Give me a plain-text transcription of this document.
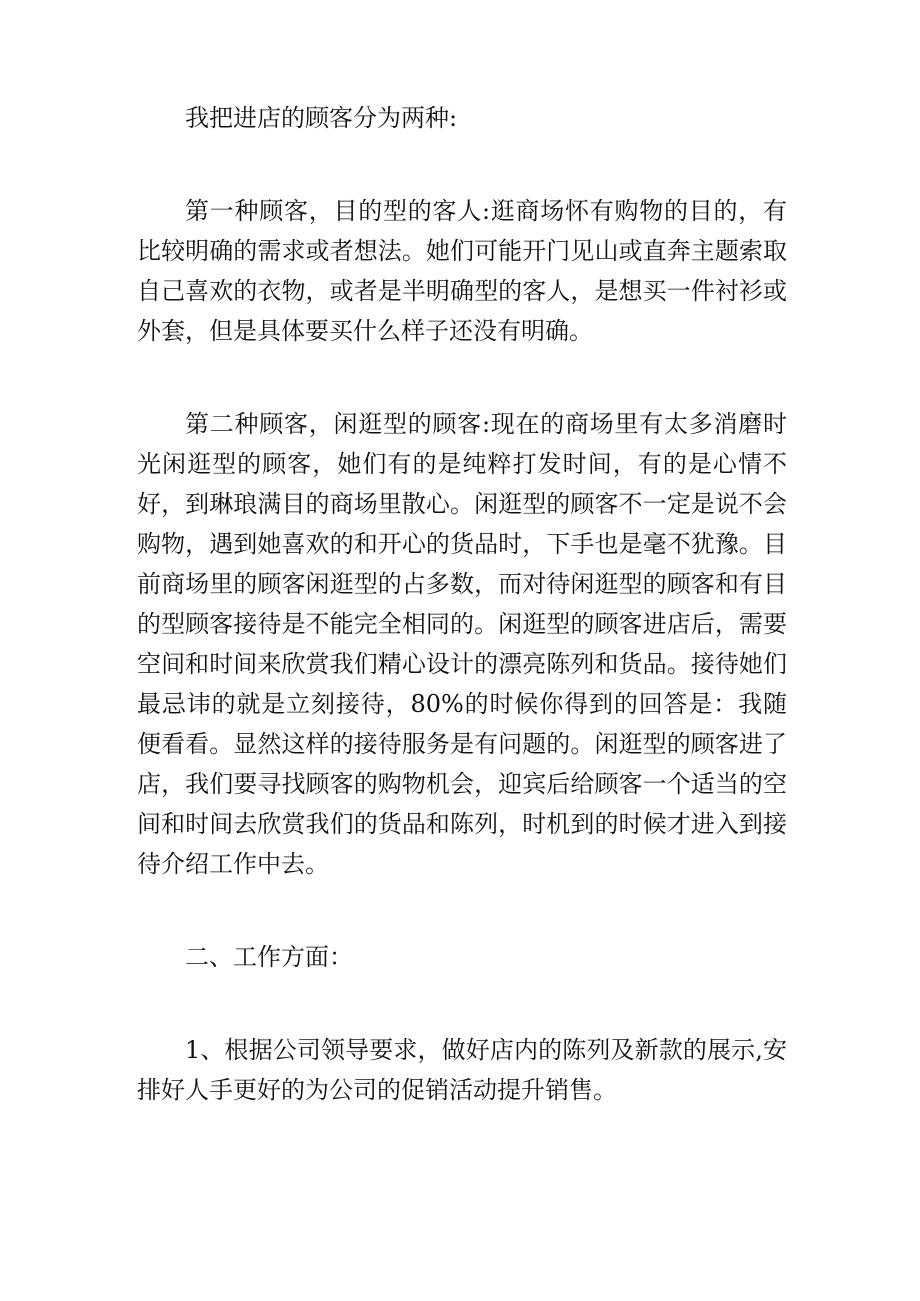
我把进店的顾客分为两种:

第一种顾客，目的型的客人:逛商场怀有购物的目的，有比较明确的需求或者想法。她们可能开门见山或直奔主题索取自己喜欢的衣物，或者是半明确型的客人，是想买一件衬衫或外套，但是具体要买什么样子还没有明确。

第二种顾客，闲逛型的顾客:现在的商场里有太多消磨时光闲逛型的顾客，她们有的是纯粹打发时间，有的是心情不好，到琳琅满目的商场里散心。闲逛型的顾客不一定是说不会购物，遇到她喜欢的和开心的货品时，下手也是毫不犹豫。目前商场里的顾客闲逛型的占多数，而对待闲逛型的顾客和有目的型顾客接待是不能完全相同的。闲逛型的顾客进店后，需要空间和时间来欣赏我们精心设计的漂亮陈列和货品。接待她们最忌讳的就是立刻接待，80%的时候你得到的回答是：我随便看看。显然这样的接待服务是有问题的。闲逛型的顾客进了店，我们要寻找顾客的购物机会，迎宾后给顾客一个适当的空间和时间去欣赏我们的货品和陈列，时机到的时候才进入到接待介绍工作中去。

二、工作方面：

1、根据公司领导要求，做好店内的陈列及新款的展示,安排好人手更好的为公司的促销活动提升销售。
